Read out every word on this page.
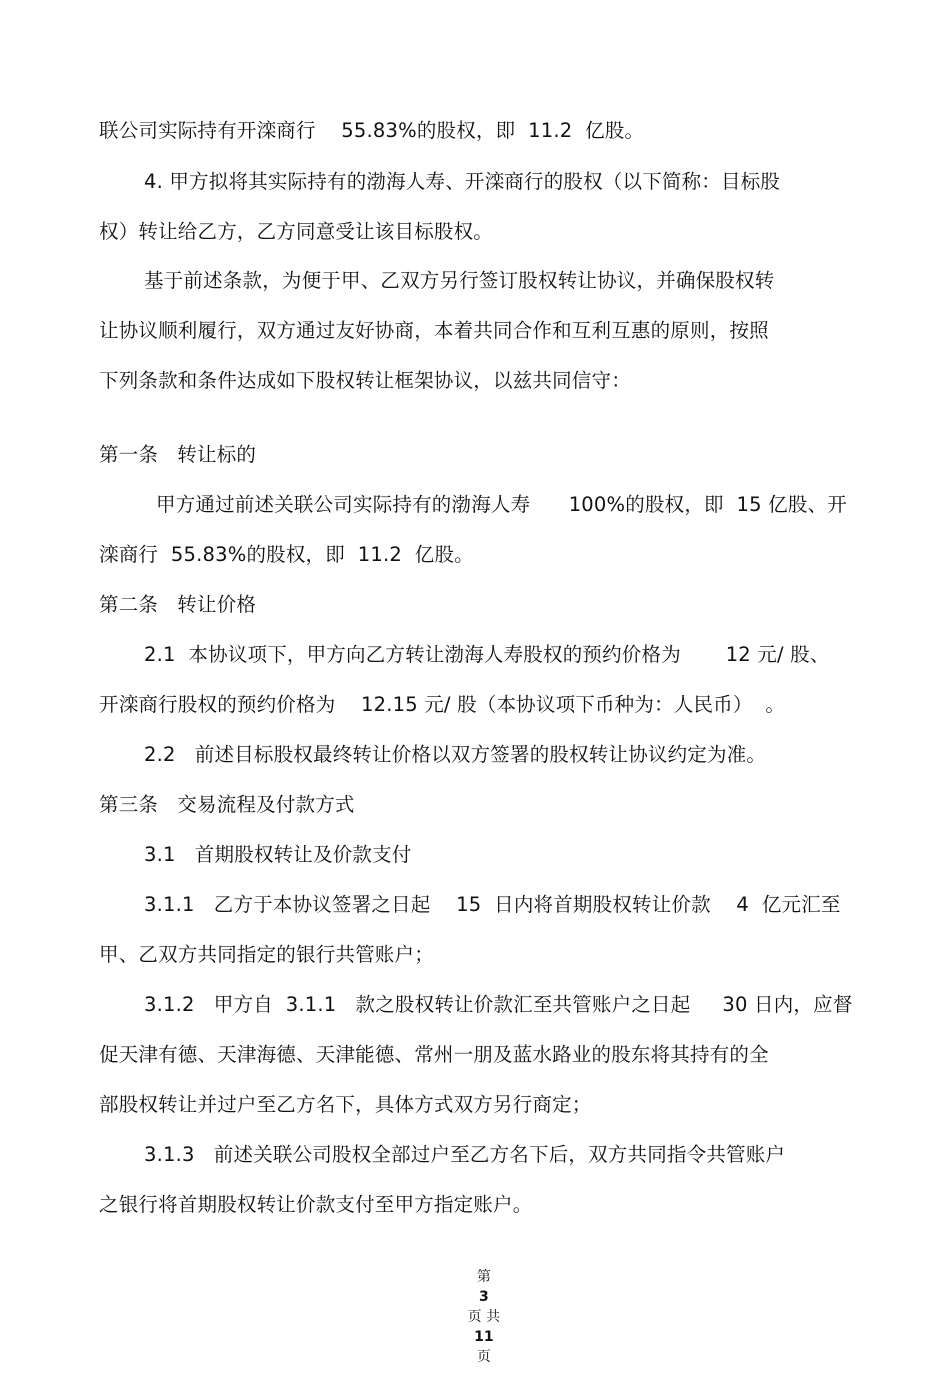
联公司实际持有开滦商行    55.83%的股权，即  11.2  亿股。
4. 甲方拟将其实际持有的渤海人寿、开滦商行的股权（以下简称：目标股
权）转让给乙方，乙方同意受让该目标股权。
基于前述条款，为便于甲、乙双方另行签订股权转让协议，并确保股权转
让协议顺利履行，双方通过友好协商，本着共同合作和互利互惠的原则，按照
下列条款和条件达成如下股权转让框架协议，以兹共同信守：
第一条   转让标的
甲方通过前述关联公司实际持有的渤海人寿      100%的股权，即  15 亿股、开
滦商行  55.83%的股权，即  11.2  亿股。
第二条   转让价格
2.1  本协议项下，甲方向乙方转让渤海人寿股权的预约价格为       12 元/ 股、
开滦商行股权的预约价格为    12.15 元/ 股（本协议项下币种为：人民币）  。
2.2   前述目标股权最终转让价格以双方签署的股权转让协议约定为准。
第三条   交易流程及付款方式
3.1   首期股权转让及价款支付
3.1.1   乙方于本协议签署之日起    15  日内将首期股权转让价款    4  亿元汇至
甲、乙双方共同指定的银行共管账户；
3.1.2   甲方自  3.1.1   款之股权转让价款汇至共管账户之日起     30 日内，应督
促天津有德、天津海德、天津能德、常州一朋及蓝水路业的股东将其持有的全
部股权转让并过户至乙方名下，具体方式双方另行商定；
3.1.3   前述关联公司股权全部过户至乙方名下后，双方共同指令共管账户
之银行将首期股权转让价款支付至甲方指定账户。

第
3
页 共
11
页
